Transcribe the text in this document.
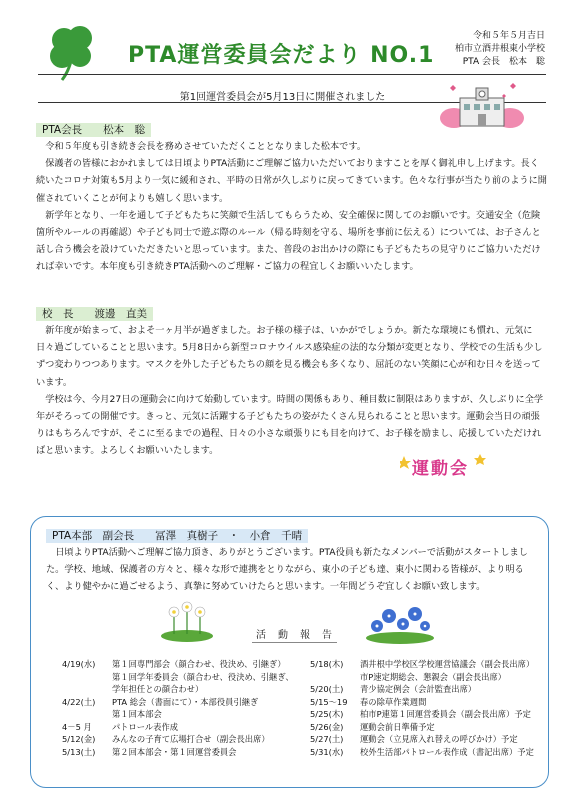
PTA運営委員会だより NO.1
令和５年５月吉日
柏市立酒井根東小学校
PTA 会長　松本　聡
第1回運営委員会が5月13日に開催されました
PTA会長　　松本　聡

令和５年度も引き続き会長を務めさせていただくこととなりました松本です。

保護者の皆様におかれましては日頃よりPTA活動にご理解ご協力いただいておりますことを厚く御礼申し上げます。長く続いたコロナ対策も5月より一気に緩和され、平時の日常が久しぶりに戻ってきています。色々な行事が当たり前のように開催されていくことが何よりも嬉しく思います。

新学年となり、一年を通して子どもたちに笑顔で生活してもらうため、安全確保に関してのお願いです。交通安全（危険箇所やルールの再確認）や子ども同士で遊ぶ際のルール（帰る時刻を守る、場所を事前に伝える）については、お子さんと話し合う機会を設けていただきたいと思っています。また、普段のお出かけの際にも子どもたちの見守りにご協力いただければ幸いです。本年度も引き続きPTA活動へのご理解・ご協力の程宜しくお願いいたします。

校　長　　渡邊　直美

新年度が始まって、およそ一ヶ月半が過ぎました。お子様の様子は、いかがでしょうか。新たな環境にも慣れ、元気に日々過ごしていることと思います。5月8日から新型コロナウイルス感染症の法的な分類が変更となり、学校での生活も少しずつ変わりつつあります。マスクを外した子どもたちの顔を見る機会も多くなり、屈託のない笑顔に心が和む日々を送っています。

学校は今、今月27日の運動会に向けて始動しています。時間の関係もあり、種目数に制限はありますが、久しぶりに全学年がそろっての開催です。きっと、元気に活躍する子どもたちの姿がたくさん見られることと思います。運動会当日の頑張りはもちろんですが、そこに至るまでの過程、日々の小さな頑張りにも目を向けて、お子様を励まし、応援していただければと思います。よろしくお願いいたします。

運動会
PTA本部　副会長　　冨澤　真樹子　・　小倉　千晴

日頃よりPTA活動へご理解ご協力頂き、ありがとうございます。PTA役員も新たなメンバーで活動がスタートしました。学校、地域、保護者の方々と、様々な形で連携をとりながら、東小の子ども達、東小に関わる皆様が、より明るく、より健やかに過ごせるよう、真摯に努めていけたらと思います。一年間どうぞ宜しくお願い致します。

活　動　報　告
4/19(水)	第１回専門部会（顔合わせ、役決め、引継ぎ）
第１回学年委員会（顔合わせ、役決め、引継ぎ、
学年担任との顔合わせ）
4/22(土)	PTA 総会（書面にて）・本部役員引継ぎ
第１回本部会
4－5 月	パトロール表作成
5/12(金)	みんなの子育て広場打合せ（副会長出席）
5/13(土)	第２回本部会・第１回運営委員会
5/18(木)	酒井根中学校区学校運営協議会（副会長出席）
市P速定期総会、懇親会（副会長出席）
5/20(土)	青少協定例会（会計監査出席）
5/15～19	春の除草作業週間
5/25(木)	柏市P連第１回運営委員会（副会長出席）予定
5/26(金)	運動会前日準備予定
5/27(土)	運動会（立見席入れ替えの呼びかけ）予定
5/31(水)	校外生活部パトロール表作成（書記出席）予定
